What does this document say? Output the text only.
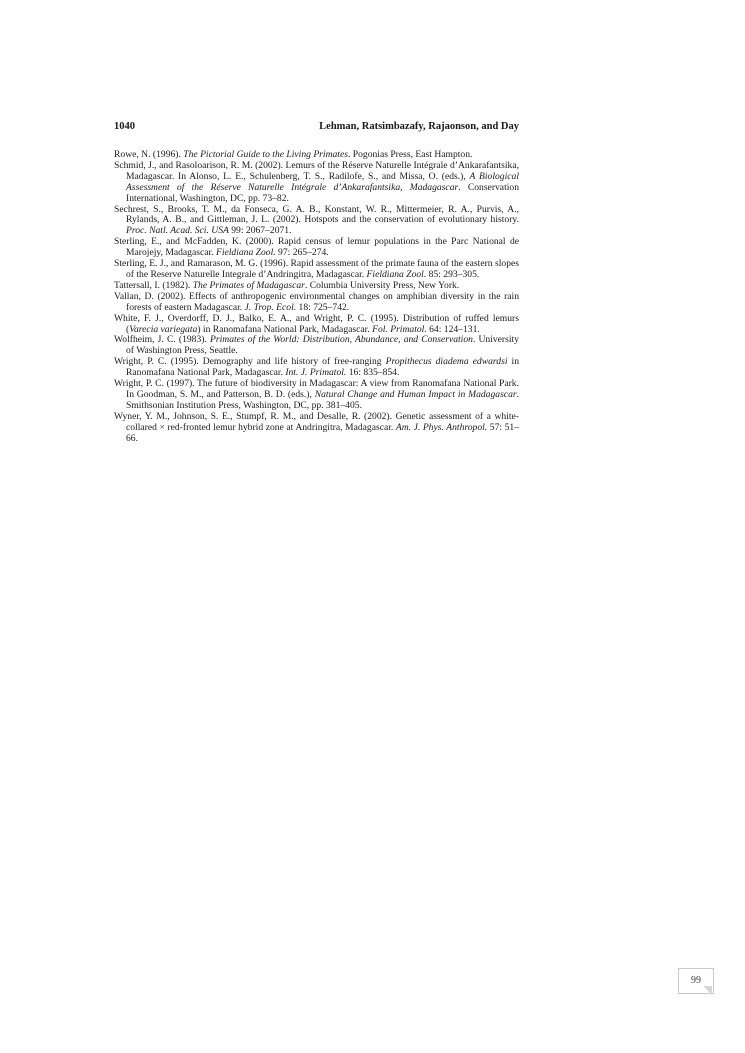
1040	Lehman, Ratsimbazafy, Rajaonson, and Day

Rowe, N. (1996). The Pictorial Guide to the Living Primates. Pogonias Press, East Hampton.

Schmid, J., and Rasoloarison, R. M. (2002). Lemurs of the Réserve Naturelle Intégrale d’Ankarafantsika, Madagascar. In Alonso, L. E., Schulenberg, T. S., Radilofe, S., and Missa, O. (eds.), A Biological Assessment of the Réserve Naturelle Intégrale d’Ankarafantsika, Madagascar. Conservation International, Washington, DC, pp. 73–82.

Sechrest, S., Brooks, T. M., da Fonseca, G. A. B., Konstant, W. R., Mittermeier, R. A., Purvis, A., Rylands, A. B., and Gittleman, J. L. (2002). Hotspots and the conservation of evolutionary history. Proc. Natl. Acad. Sci. USA 99: 2067–2071.

Sterling, E., and McFadden, K. (2000). Rapid census of lemur populations in the Parc National de Marojejy, Madagascar. Fieldiana Zool. 97: 265–274.

Sterling, E. J., and Ramarason, M. G. (1996). Rapid assessment of the primate fauna of the eastern slopes of the Reserve Naturelle Integrale d’Andringitra, Madagascar. Fieldiana Zool. 85: 293–305.

Tattersall, I. (1982). The Primates of Madagascar. Columbia University Press, New York.

Vallan, D. (2002). Effects of anthropogenic environmental changes on amphibian diversity in the rain forests of eastern Madagascar. J. Trop. Ecol. 18: 725–742.

White, F. J., Overdorff, D. J., Balko, E. A., and Wright, P. C. (1995). Distribution of ruffed lemurs (Varecia variegata) in Ranomafana National Park, Madagascar. Fol. Primatol. 64: 124–131.

Wolfheim, J. C. (1983). Primates of the World: Distribution, Abundance, and Conservation. University of Washington Press, Seattle.

Wright, P. C. (1995). Demography and life history of free-ranging Propithecus diadema edwardsi in Ranomafana National Park, Madagascar. Int. J. Primatol. 16: 835–854.

Wright, P. C. (1997). The future of biodiversity in Madagascar: A view from Ranomafana National Park. In Goodman, S. M., and Patterson, B. D. (eds.), Natural Change and Human Impact in Madagascar. Smithsonian Institution Press, Washington, DC, pp. 381–405.

Wyner, Y. M., Johnson, S. E., Stumpf, R. M., and Desalle, R. (2002). Genetic assessment of a white-collared × red-fronted lemur hybrid zone at Andringitra, Madagascar. Am. J. Phys. Anthropol. 57: 51–66.

99
